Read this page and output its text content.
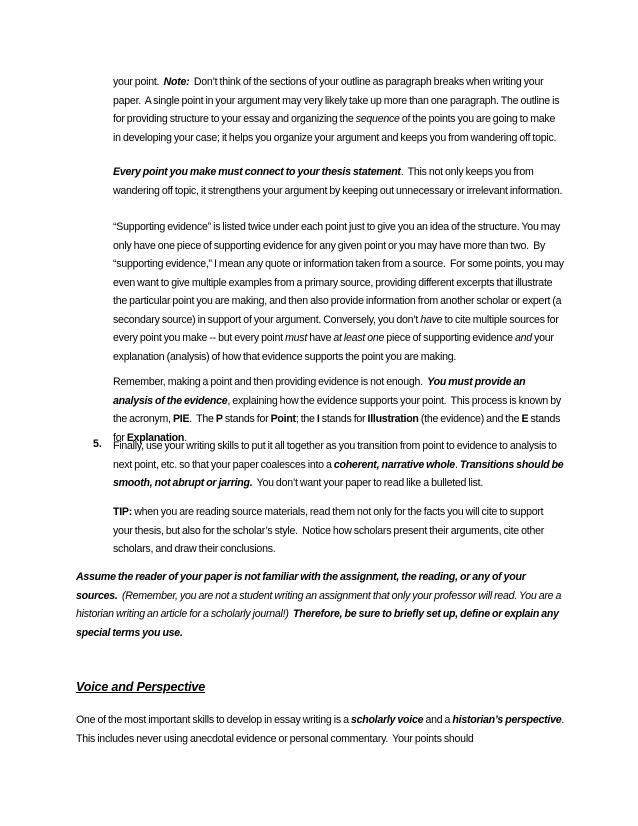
your point.  Note:  Don’t think of the sections of your outline as paragraph breaks when writing your paper.  A single point in your argument may very likely take up more than one paragraph. The outline is for providing structure to your essay and organizing the sequence of the points you are going to make in developing your case; it helps you organize your argument and keeps you from wandering off topic.

Every point you make must connect to your thesis statement.  This not only keeps you from wandering off topic, it strengthens your argument by keeping out unnecessary or irrelevant information.

“Supporting evidence” is listed twice under each point just to give you an idea of the structure. You may only have one piece of supporting evidence for any given point or you may have more than two.  By “supporting evidence,” I mean any quote or information taken from a source.  For some points, you may even want to give multiple examples from a primary source, providing different excerpts that illustrate the particular point you are making, and then also provide information from another scholar or expert (a secondary source) in support of your argument. Conversely, you don’t have to cite multiple sources for every point you make -- but every point must have at least one piece of supporting evidence and your explanation (analysis) of how that evidence supports the point you are making.

Remember, making a point and then providing evidence is not enough.  You must provide an analysis of the evidence, explaining how the evidence supports your point.  This process is known by the acronym, PIE.  The P stands for Point; the I stands for Illustration (the evidence) and the E stands for Explanation.

5. Finally, use your writing skills to put it all together as you transition from point to evidence to analysis to next point, etc. so that your paper coalesces into a coherent, narrative whole. Transitions should be smooth, not abrupt or jarring.  You don’t want your paper to read like a bulleted list.

TIP: when you are reading source materials, read them not only for the facts you will cite to support your thesis, but also for the scholar’s style.  Notice how scholars present their arguments, cite other scholars, and draw their conclusions.

Assume the reader of your paper is not familiar with the assignment, the reading, or any of your sources.  (Remember, you are not a student writing an assignment that only your professor will read. You are a historian writing an article for a scholarly journal!)  Therefore, be sure to briefly set up, define or explain any special terms you use.

Voice and Perspective

One of the most important skills to develop in essay writing is a scholarly voice and a historian’s perspective.  This includes never using anecdotal evidence or personal commentary.  Your points should
